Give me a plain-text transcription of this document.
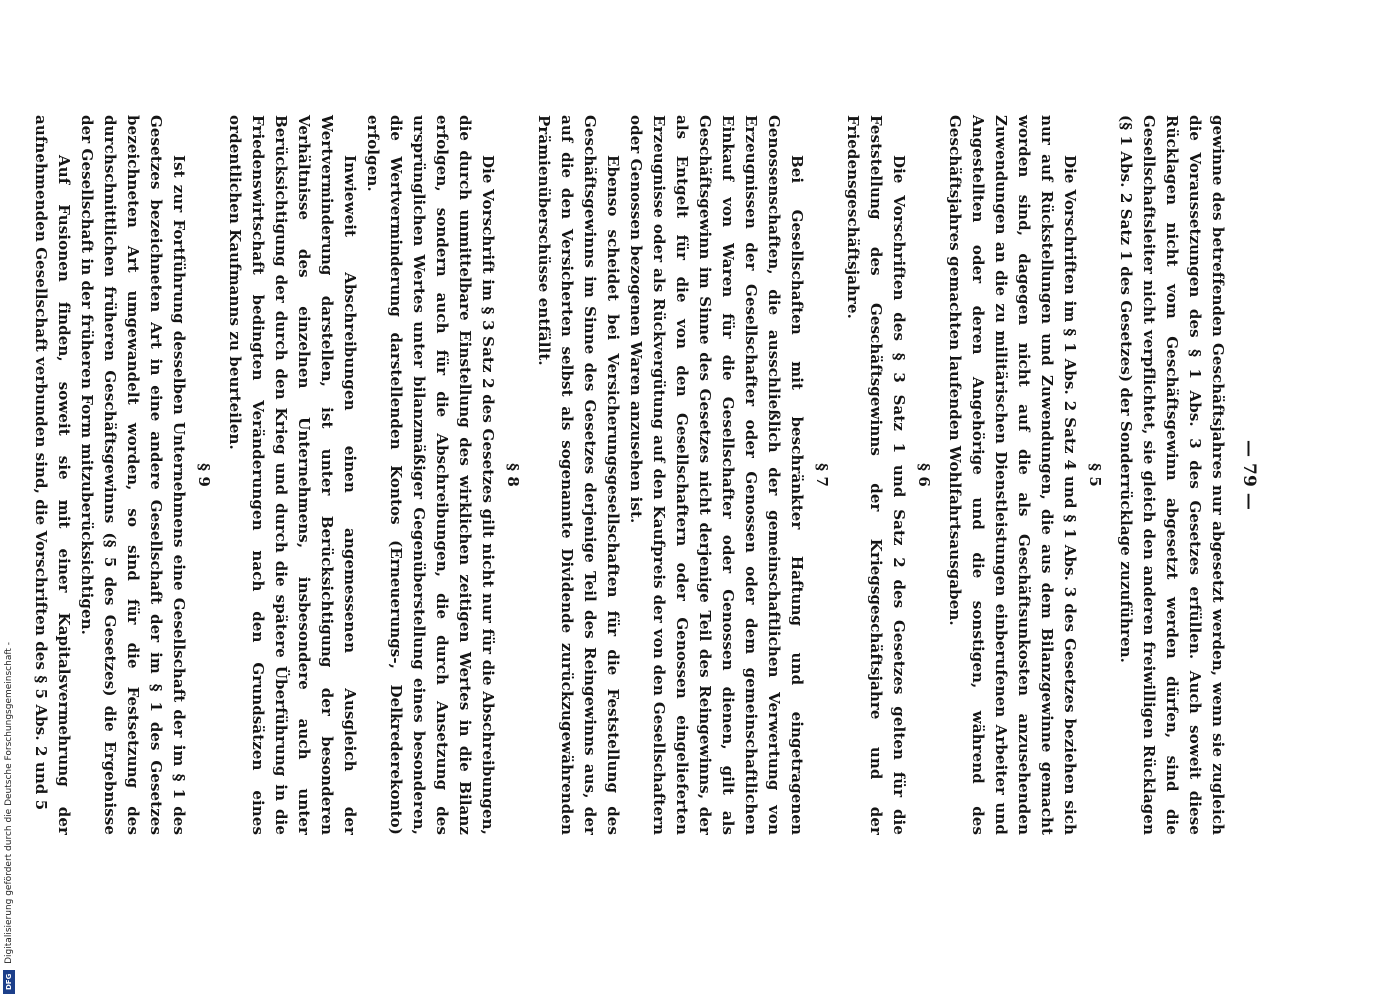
Digitalisierung gefördert durch die Deutsche Forschungsgemeinschaft -
DFG
— 79 —

gewinne des betreffenden Geschäftsjahres nur abgesetzt werden, wenn sie zugleich die Voraussetzungen des § 1 Abs. 3 des Gesetzes erfüllen. Auch soweit diese Rücklagen nicht vom Geschäftsgewinn abgesetzt werden dürfen, sind die Gesellschaftsleiter nicht verpflichtet, sie gleich den anderen freiwilligen Rücklagen (§ 1 Abs. 2 Satz 1 des Gesetzes) der Sonderrücklage zuzuführen.

§ 5

Die Vorschriften im § 1 Abs. 2 Satz 4 und § 1 Abs. 3 des Gesetzes beziehen sich nur auf Rückstellungen und Zuwendungen, die aus dem Bilanzgewinne gemacht worden sind, dagegen nicht auf die als Geschäftsunkosten anzusehenden Zuwendungen an die zu militärischen Dienstleistungen einberufenen Arbeiter und Angestellten oder deren Angehörige und die sonstigen, während des Geschäftsjahres gemachten laufenden Wohlfahrtsausgaben.

§ 6

Die Vorschriften des § 3 Satz 1 und Satz 2 des Gesetzes gelten für die Feststellung des Geschäftsgewinns der Kriegsgeschäftsjahre und der Friedensgeschäftsjahre.

§ 7

Bei Gesellschaften mit beschränkter Haftung und eingetragenen Genossenschaften, die ausschließlich der gemeinschaftlichen Verwertung von Erzeugnissen der Gesellschafter oder Genossen oder dem gemeinschaftlichen Einkauf von Waren für die Gesellschafter oder Genossen dienen, gilt als Geschäftsgewinn im Sinne des Gesetzes nicht derjenige Teil des Reingewinns, der als Entgelt für die von den Gesellschaftern oder Genossen eingelieferten Erzeugnisse oder als Rückvergütung auf den Kaufpreis der von den Gesellschaftern oder Genossen bezogenen Waren anzusehen ist.

Ebenso scheidet bei Versicherungsgesellschaften für die Feststellung des Geschäftsgewinns im Sinne des Gesetzes derjenige Teil des Reingewinns aus, der auf die den Versicherten selbst als sogenannte Dividende zurückzugewährenden Prämienüberschüsse entfällt.

§ 8

Die Vorschrift im § 3 Satz 2 des Gesetzes gilt nicht nur für die Abschreibungen, die durch unmittelbare Einstellung des wirklichen zeitigen Wertes in die Bilanz erfolgen, sondern auch für die Abschreibungen, die durch Ansetzung des ursprünglichen Wertes unter bilanzmäßiger Gegenüberstellung eines besonderen, die Wertverminderung darstellenden Kontos (Erneuerungs-, Delkrederekonto) erfolgen.

Inwieweit Abschreibungen einen angemessenen Ausgleich der Wertverminderung darstellen, ist unter Berücksichtigung der besonderen Verhältnisse des einzelnen Unternehmens, insbesondere auch unter Berücksichtigung der durch den Krieg und durch die spätere Überführung in die Friedenswirtschaft bedingten Veränderungen nach den Grundsätzen eines ordentlichen Kaufmanns zu beurteilen.

§ 9

Ist zur Fortführung desselben Unternehmens eine Gesellschaft der im § 1 des Gesetzes bezeichneten Art in eine andere Gesellschaft der im § 1 des Gesetzes bezeichneten Art umgewandelt worden, so sind für die Festsetzung des durchschnittlichen früheren Geschäftsgewinns (§ 5 des Gesetzes) die Ergebnisse der Gesellschaft in der früheren Form mitzuberücksichtigen.

Auf Fusionen finden, soweit sie mit einer Kapitalsvermehrung der aufnehmenden Gesellschaft verbunden sind, die Vorschriften des § 5 Abs. 2 und 5
